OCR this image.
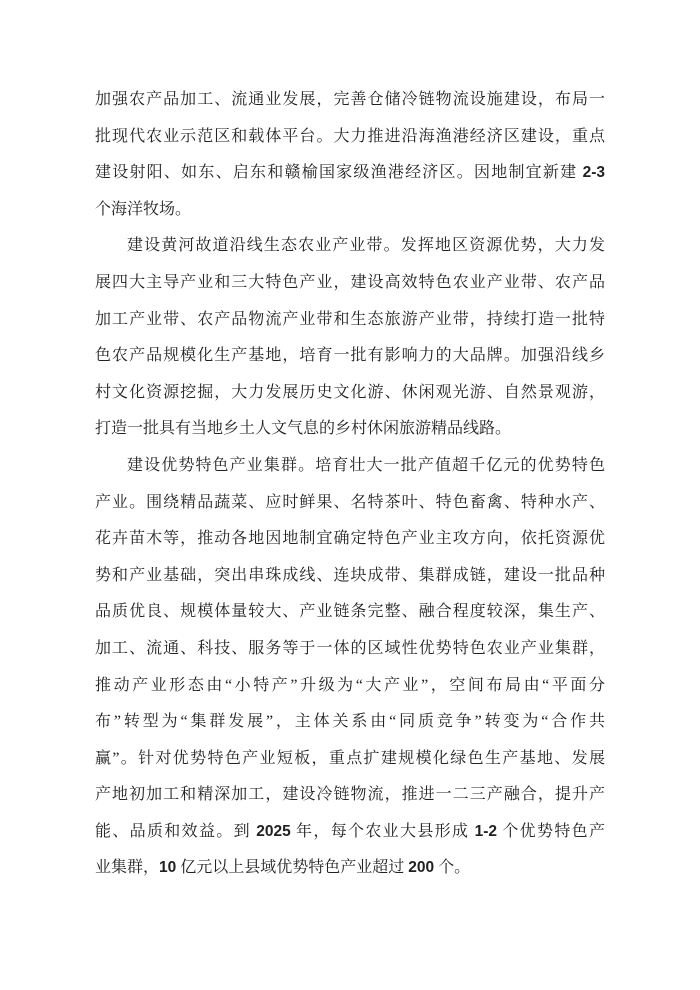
加强农产品加工、流通业发展，完善仓储冷链物流设施建设，布局一
批现代农业示范区和载体平台。大力推进沿海渔港经济区建设，重点
建设射阳、如东、启东和赣榆国家级渔港经济区。因地制宜新建 2-3
个海洋牧场。
建设黄河故道沿线生态农业产业带。发挥地区资源优势，大力发
展四大主导产业和三大特色产业，建设高效特色农业产业带、农产品
加工产业带、农产品物流产业带和生态旅游产业带，持续打造一批特
色农产品规模化生产基地，培育一批有影响力的大品牌。加强沿线乡
村文化资源挖掘，大力发展历史文化游、休闲观光游、自然景观游，
打造一批具有当地乡土人文气息的乡村休闲旅游精品线路。
建设优势特色产业集群。培育壮大一批产值超千亿元的优势特色
产业。围绕精品蔬菜、应时鲜果、名特茶叶、特色畜禽、特种水产、
花卉苗木等，推动各地因地制宜确定特色产业主攻方向，依托资源优
势和产业基础，突出串珠成线、连块成带、集群成链，建设一批品种
品质优良、规模体量较大、产业链条完整、融合程度较深，集生产、
加工、流通、科技、服务等于一体的区域性优势特色农业产业集群，
推动产业形态由“小特产”升级为“大产业”，空间布局由“平面分
布”转型为“集群发展”，主体关系由“同质竞争”转变为“合作共
赢”。针对优势特色产业短板，重点扩建规模化绿色生产基地、发展
产地初加工和精深加工，建设冷链物流，推进一二三产融合，提升产
能、品质和效益。到 2025 年，每个农业大县形成 1-2 个优势特色产
业集群，10 亿元以上县域优势特色产业超过 200 个。
